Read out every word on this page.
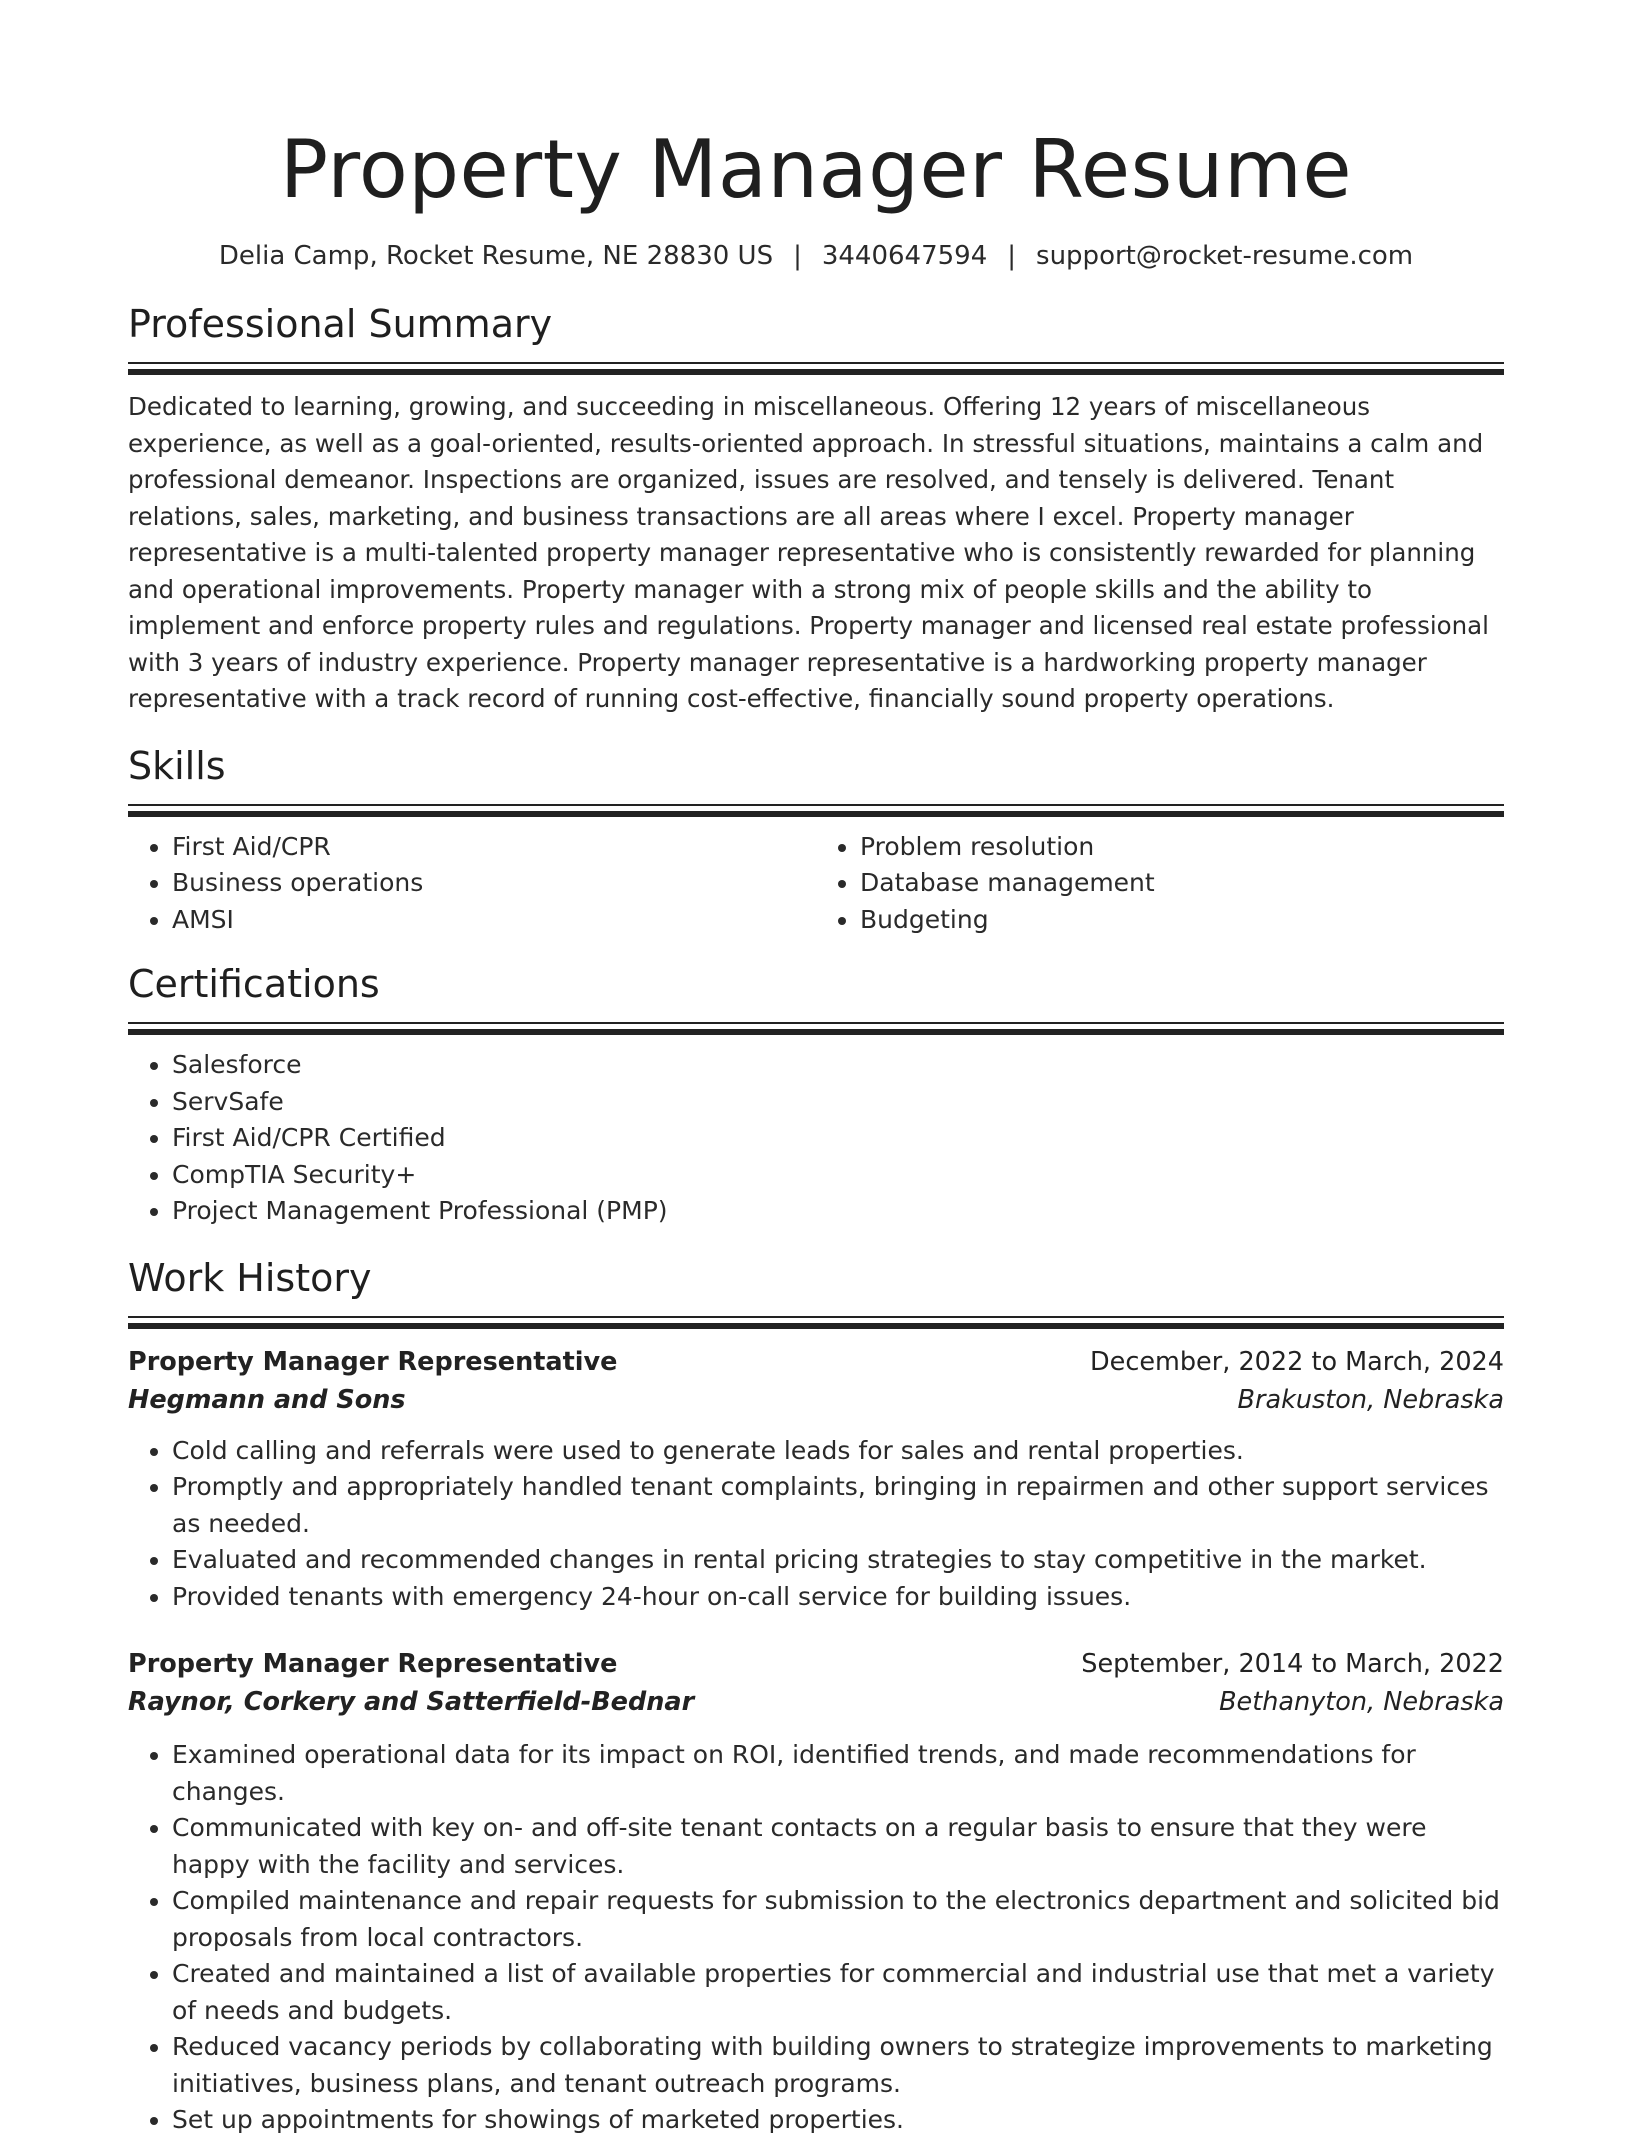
Property Manager Resume
Delia Camp, Rocket Resume, NE 28830 US | 3440647594 | support@rocket-resume.com
Professional Summary
Dedicated to learning, growing, and succeeding in miscellaneous. Offering 12 years of miscellaneous experience, as well as a goal-oriented, results-oriented approach. In stressful situations, maintains a calm and professional demeanor. Inspections are organized, issues are resolved, and tensely is delivered. Tenant relations, sales, marketing, and business transactions are all areas where I excel. Property manager representative is a multi-talented property manager representative who is consistently rewarded for planning and operational improvements. Property manager with a strong mix of people skills and the ability to implement and enforce property rules and regulations. Property manager and licensed real estate professional with 3 years of industry experience. Property manager representative is a hardworking property manager representative with a track record of running cost-effective, financially sound property operations.
Skills
• First Aid/CPR
• Business operations
• AMSI
• Problem resolution
• Database management
• Budgeting
Certifications
• Salesforce
• ServSafe
• First Aid/CPR Certified
• CompTIA Security+
• Project Management Professional (PMP)
Work History
Property Manager Representative	December, 2022 to March, 2024
Hegmann and Sons	Brakuston, Nebraska
• Cold calling and referrals were used to generate leads for sales and rental properties.
• Promptly and appropriately handled tenant complaints, bringing in repairmen and other support services as needed.
• Evaluated and recommended changes in rental pricing strategies to stay competitive in the market.
• Provided tenants with emergency 24-hour on-call service for building issues.
Property Manager Representative	September, 2014 to March, 2022
Raynor, Corkery and Satterfield-Bednar	Bethanyton, Nebraska
• Examined operational data for its impact on ROI, identified trends, and made recommendations for changes.
• Communicated with key on- and off-site tenant contacts on a regular basis to ensure that they were happy with the facility and services.
• Compiled maintenance and repair requests for submission to the electronics department and solicited bid proposals from local contractors.
• Created and maintained a list of available properties for commercial and industrial use that met a variety of needs and budgets.
• Reduced vacancy periods by collaborating with building owners to strategize improvements to marketing initiatives, business plans, and tenant outreach programs.
• Set up appointments for showings of marketed properties.
